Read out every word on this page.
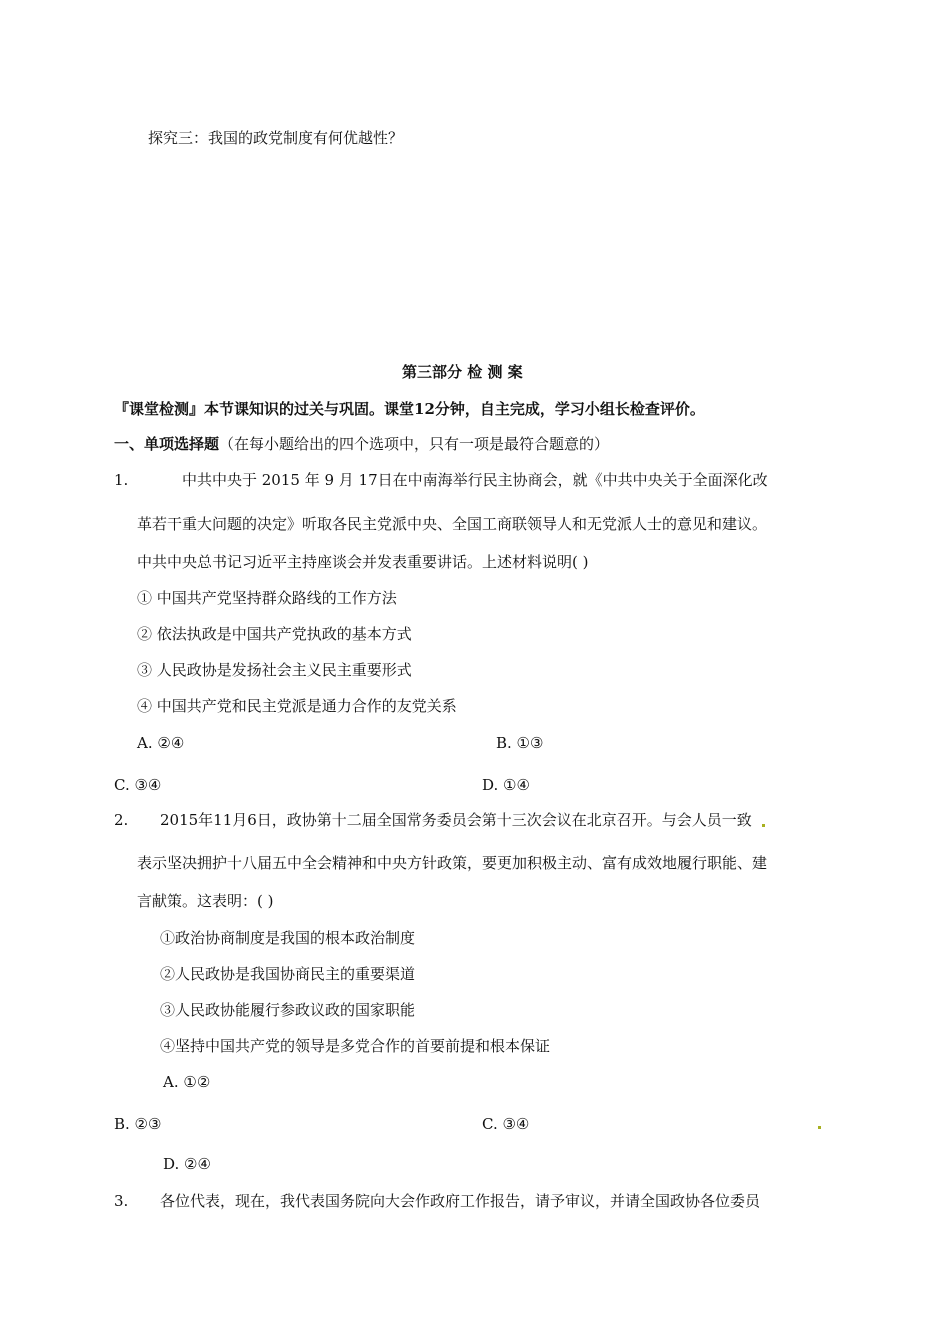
探究三：我国的政党制度有何优越性？
第三部分 检 测 案
『课堂检测』本节课知识的过关与巩固。课堂12分钟，自主完成，学习小组长检查评价。
一、单项选择题（在每小题给出的四个选项中，只有一项是最符合题意的）
1.	中共中央于 2015 年 9 月 17日在中南海举行民主协商会，就《中共中央关于全面深化改
革若干重大问题的决定》听取各民主党派中央、全国工商联领导人和无党派人士的意见和建议。
中共中央总书记习近平主持座谈会并发表重要讲话。上述材料说明( )
① 中国共产党坚持群众路线的工作方法
② 依法执政是中国共产党执政的基本方式
③ 人民政协是发扬社会主义民主重要形式
④ 中国共产党和民主党派是通力合作的友党关系
A. ②④	B. ①③
C. ③④	D. ①④
2. 2015年11月6日，政协第十二届全国常务委员会第十三次会议在北京召开。与会人员一致
表示坚决拥护十八届五中全会精神和中央方针政策，要更加积极主动、富有成效地履行职能、建
言献策。这表明：( )
①政治协商制度是我国的根本政治制度
②人民政协是我国协商民主的重要渠道
③人民政协能履行参政议政的国家职能
④坚持中国共产党的领导是多党合作的首要前提和根本保证
A. ①②
B. ②③	C. ③④
D. ②④
3. 各位代表，现在，我代表国务院向大会作政府工作报告，请予审议，并请全国政协各位委员
